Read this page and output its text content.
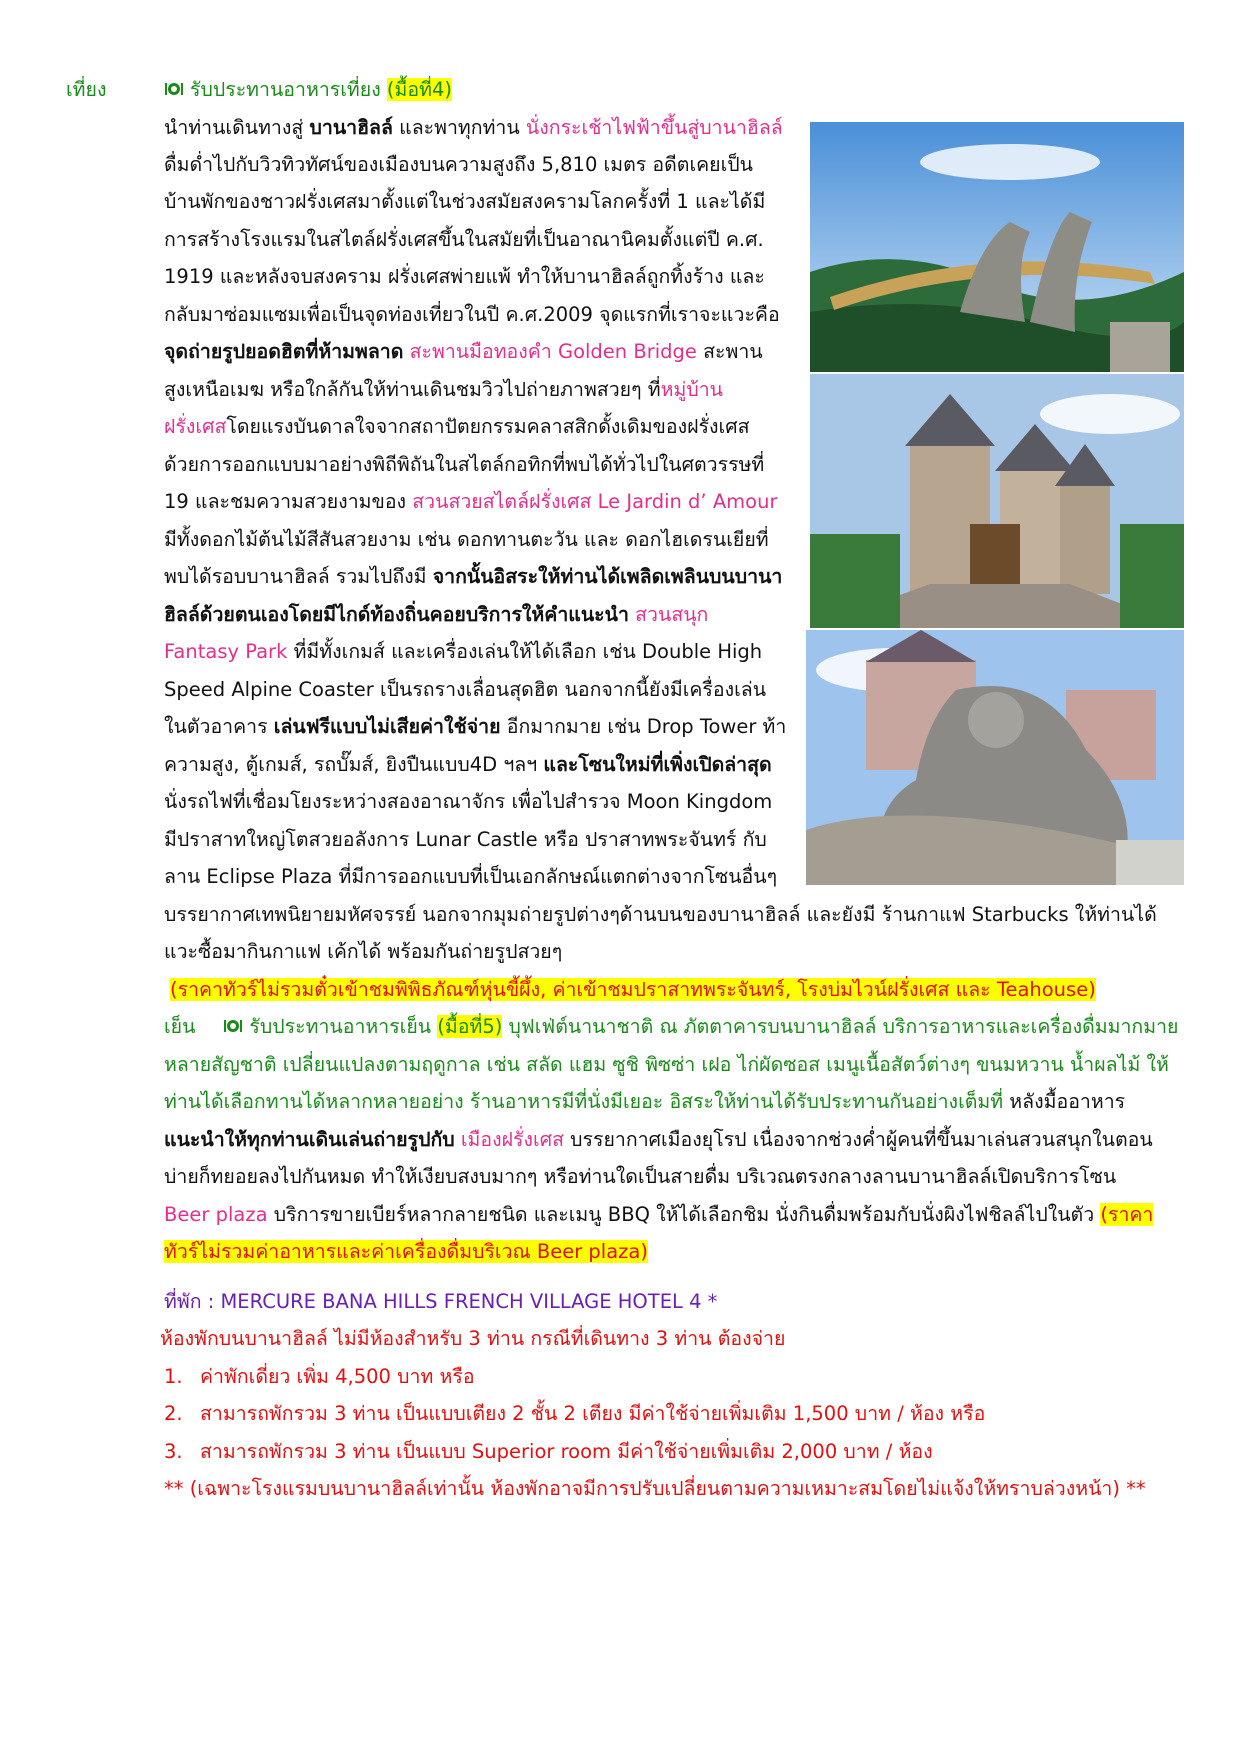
เที่ยง	รับประทานอาหารเที่ยง (มื้อที่4)
นำท่านเดินทางสู่ บานาฮิลล์ และพาทุกท่าน นั่งกระเช้าไฟฟ้าขึ้นสู่บานาฮิลล์
ดื่มด่ำไปกับวิวทิวทัศน์ของเมืองบนความสูงถึง 5,810 เมตร อดีตเคยเป็น
บ้านพักของชาวฝรั่งเศสมาตั้งแต่ในช่วงสมัยสงครามโลกครั้งที่ 1 และได้มี
การสร้างโรงแรมในสไตล์ฝรั่งเศสขึ้นในสมัยที่เป็นอาณานิคมตั้งแต่ปี ค.ศ.
1919 และหลังจบสงคราม ฝรั่งเศสพ่ายแพ้ ทำให้บานาฮิลล์ถูกทิ้งร้าง และ
กลับมาซ่อมแซมเพื่อเป็นจุดท่องเที่ยวในปี ค.ศ.2009 จุดแรกที่เราจะแวะคือ
จุดถ่ายรูปยอดฮิตที่ห้ามพลาด สะพานมือทองคำ Golden Bridge สะพาน
สูงเหนือเมฆ หรือใกล้กันให้ท่านเดินชมวิวไปถ่ายภาพสวยๆ ที่หมู่บ้าน
ฝรั่งเศสโดยแรงบันดาลใจจากสถาปัตยกรรมคลาสสิกดั้งเดิมของฝรั่งเศส
ด้วยการออกแบบมาอย่างพิถีพิถันในสไตล์กอทิกที่พบได้ทั่วไปในศตวรรษที่
19 และชมความสวยงามของ สวนสวยสไตล์ฝรั่งเศส Le Jardin d’ Amour
มีทั้งดอกไม้ต้นไม้สีสันสวยงาม เช่น ดอกทานตะวัน และ ดอกไฮเดรนเยียที่
พบได้รอบบานาฮิลล์ รวมไปถึงมี จากนั้นอิสระให้ท่านได้เพลิดเพลินบนบานา
ฮิลล์ด้วยตนเองโดยมีไกด์ท้องถิ่นคอยบริการให้คำแนะนำ สวนสนุก
Fantasy Park ที่มีทั้งเกมส์ และเครื่องเล่นให้ได้เลือก เช่น Double High
Speed Alpine Coaster เป็นรถรางเลื่อนสุดฮิต นอกจากนี้ยังมีเครื่องเล่น
ในตัวอาคาร เล่นฟรีแบบไม่เสียค่าใช้จ่าย อีกมากมาย เช่น Drop Tower ท้า
ความสูง, ตู้เกมส์, รถบั๊มส์, ยิงปืนแบบ4D ฯลฯ และโซนใหม่ที่เพิ่งเปิดล่าสุด
นั่งรถไฟที่เชื่อมโยงระหว่างสองอาณาจักร เพื่อไปสำรวจ Moon Kingdom
มีปราสาทใหญ่โตสวยอลังการ Lunar Castle หรือ ปราสาทพระจันทร์ กับ
ลาน Eclipse Plaza ที่มีการออกแบบที่เป็นเอกลักษณ์แตกต่างจากโซนอื่นๆ
บรรยากาศเทพนิยายมหัศจรรย์ นอกจากมุมถ่ายรูปต่างๆด้านบนของบานาฮิลล์ และยังมี ร้านกาแฟ Starbucks ให้ท่านได้
แวะซื้อมากินกาแฟ เค้กได้ พร้อมกันถ่ายรูปสวยๆ
(ราคาทัวร์ไม่รวมตั๋วเข้าชมพิพิธภัณฑ์หุ่นขี้ผึ้ง, ค่าเข้าชมปราสาทพระจันทร์, โรงบ่มไวน์ฝรั่งเศส และ Teahouse)
เย็น	รับประทานอาหารเย็น (มื้อที่5) บุฟเฟ่ต์นานาชาติ ณ ภัตตาคารบนบานาฮิลล์ บริการอาหารและเครื่องดื่มมากมาย
หลายสัญชาติ เปลี่ยนแปลงตามฤดูกาล เช่น สลัด แฮม ซูชิ พิซซ่า เฝอ ไก่ผัดซอส เมนูเนื้อสัตว์ต่างๆ ขนมหวาน น้ำผลไม้ ให้
ท่านได้เลือกทานได้หลากหลายอย่าง ร้านอาหารมีที่นั่งมีเยอะ อิสระให้ท่านได้รับประทานกันอย่างเต็มที่ หลังมื้ออาหาร
แนะนำให้ทุกท่านเดินเล่นถ่ายรูปกับ เมืองฝรั่งเศส บรรยากาศเมืองยุโรป เนื่องจากช่วงค่ำผู้คนที่ขึ้นมาเล่นสวนสนุกในตอน
บ่ายก็ทยอยลงไปกันหมด ทำให้เงียบสงบมากๆ หรือท่านใดเป็นสายดื่ม บริเวณตรงกลางลานบานาฮิลล์เปิดบริการโซน
Beer plaza บริการขายเบียร์หลากลายชนิด และเมนู BBQ ให้ได้เลือกชิม นั่งกินดื่มพร้อมกับนั่งผิงไฟชิลล์ไปในตัว (ราคา
ทัวร์ไม่รวมค่าอาหารและค่าเครื่องดื่มบริเวณ Beer plaza)
ที่พัก : MERCURE BANA HILLS FRENCH VILLAGE HOTEL 4 *
ห้องพักบนบานาฮิลล์ ไม่มีห้องสำหรับ 3 ท่าน กรณีที่เดินทาง 3 ท่าน ต้องจ่าย
1. ค่าพักเดี่ยว เพิ่ม 4,500 บาท หรือ
2. สามารถพักรวม 3 ท่าน เป็นแบบเตียง 2 ชั้น 2 เตียง มีค่าใช้จ่ายเพิ่มเติม 1,500 บาท / ห้อง หรือ
3. สามารถพักรวม 3 ท่าน เป็นแบบ Superior room มีค่าใช้จ่ายเพิ่มเติม 2,000 บาท / ห้อง
** (เฉพาะโรงแรมบนบานาฮิลล์เท่านั้น ห้องพักอาจมีการปรับเปลี่ยนตามความเหมาะสมโดยไม่แจ้งให้ทราบล่วงหน้า) **
